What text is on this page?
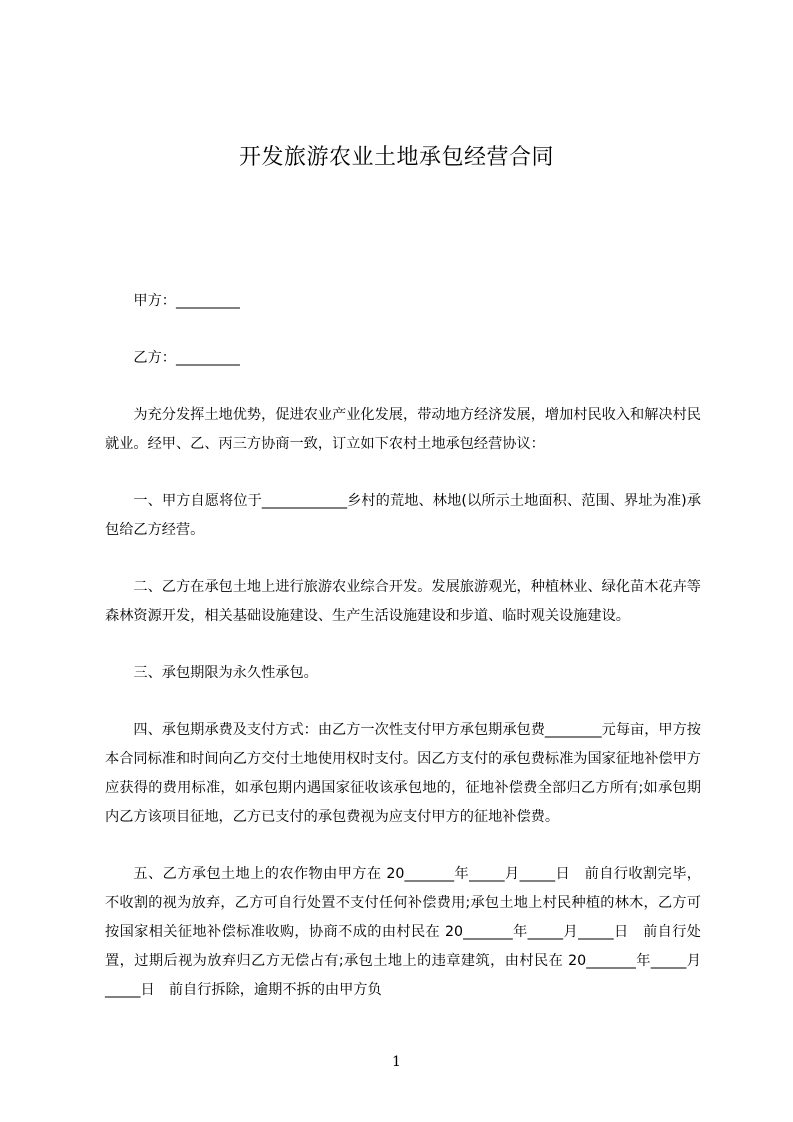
开发旅游农业土地承包经营合同

甲方：_________

乙方：_________

为充分发挥土地优势，促进农业产业化发展，带动地方经济发展，增加村民收入和解决村民就业。经甲、乙、丙三方协商一致，订立如下农村土地承包经营协议：

一、甲方自愿将位于____________乡村的荒地、林地(以所示土地面积、范围、界址为准)承包给乙方经营。

二、乙方在承包土地上进行旅游农业综合开发。发展旅游观光，种植林业、绿化苗木花卉等森林资源开发，相关基础设施建设、生产生活设施建设和步道、临时观关设施建设。

三、承包期限为永久性承包。

四、承包期承费及支付方式：由乙方一次性支付甲方承包期承包费________元每亩，甲方按本合同标准和时间向乙方交付土地使用权时支付。因乙方支付的承包费标准为国家征地补偿甲方应获得的费用标准，如承包期内遇国家征收该承包地的，征地补偿费全部归乙方所有;如承包期内乙方该项目征地，乙方已支付的承包费视为应支付甲方的征地补偿费。

五、乙方承包土地上的农作物由甲方在 20_______年_____月_____日　前自行收割完毕，不收割的视为放弃，乙方可自行处置不支付任何补偿费用;承包土地上村民种植的林木，乙方可按国家相关征地补偿标准收购，协商不成的由村民在 20_______年_____月_____日　前自行处置，过期后视为放弃归乙方无偿占有;承包土地上的违章建筑，由村民在 20_______年_____月_____日　前自行拆除，逾期不拆的由甲方负

1
